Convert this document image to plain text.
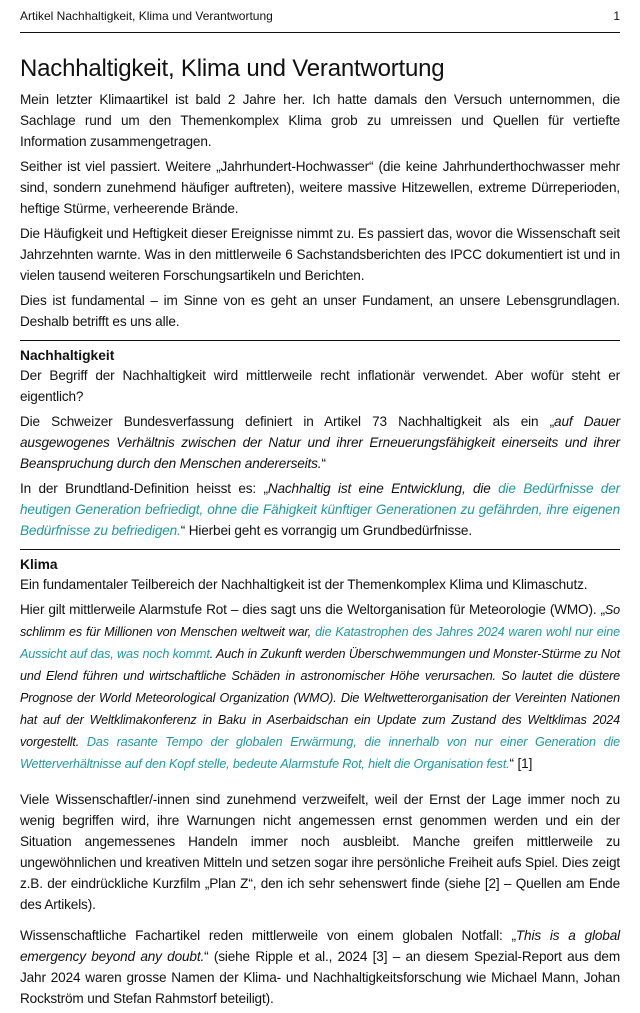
Artikel Nachhaltigkeit, Klima und Verantwortung	1
Nachhaltigkeit, Klima und Verantwortung

Mein letzter Klimaartikel ist bald 2 Jahre her. Ich hatte damals den Versuch unternommen, die Sachlage rund um den Themenkomplex Klima grob zu umreissen und Quellen für vertiefte Information zusammengetragen.

Seither ist viel passiert. Weitere „Jahrhundert-Hochwasser“ (die keine Jahrhunderthochwasser mehr sind, sondern zunehmend häufiger auftreten), weitere massive Hitzewellen, extreme Dürreperioden, heftige Stürme, verheerende Brände.

Die Häufigkeit und Heftigkeit dieser Ereignisse nimmt zu. Es passiert das, wovor die Wissenschaft seit Jahrzehnten warnte. Was in den mittlerweile 6 Sachstandsberichten des IPCC dokumentiert ist und in vielen tausend weiteren Forschungsartikeln und Berichten.

Dies ist fundamental – im Sinne von es geht an unser Fundament, an unsere Lebensgrundlagen. Deshalb betrifft es uns alle.

Nachhaltigkeit

Der Begriff der Nachhaltigkeit wird mittlerweile recht inflationär verwendet. Aber wofür steht er eigentlich?

Die Schweizer Bundesverfassung definiert in Artikel 73 Nachhaltigkeit als ein „auf Dauer ausgewogenes Verhältnis zwischen der Natur und ihrer Erneuerungsfähigkeit einerseits und ihrer Beanspruchung durch den Menschen andererseits.“

In der Brundtland-Definition heisst es: „Nachhaltig ist eine Entwicklung, die die Bedürfnisse der heutigen Generation befriedigt, ohne die Fähigkeit künftiger Generationen zu gefährden, ihre eigenen Bedürfnisse zu befriedigen.“ Hierbei geht es vorrangig um Grundbedürfnisse.

Klima

Ein fundamentaler Teilbereich der Nachhaltigkeit ist der Themenkomplex Klima und Klimaschutz.

Hier gilt mittlerweile Alarmstufe Rot – dies sagt uns die Weltorganisation für Meteorologie (WMO). „So schlimm es für Millionen von Menschen weltweit war, die Katastrophen des Jahres 2024 waren wohl nur eine Aussicht auf das, was noch kommt. Auch in Zukunft werden Überschwemmungen und Monster-Stürme zu Not und Elend führen und wirtschaftliche Schäden in astronomischer Höhe verursachen. So lautet die düstere Prognose der World Meteorological Organization (WMO). Die Weltwetterorganisation der Vereinten Nationen hat auf der Weltklimakonferenz in Baku in Aserbaidschan ein Update zum Zustand des Weltklimas 2024 vorgestellt. Das rasante Tempo der globalen Erwärmung, die innerhalb von nur einer Generation die Wetterverhältnisse auf den Kopf stelle, bedeute Alarmstufe Rot, hielt die Organisation fest.“ [1]

Viele Wissenschaftler/-innen sind zunehmend verzweifelt, weil der Ernst der Lage immer noch zu wenig begriffen wird, ihre Warnungen nicht angemessen ernst genommen werden und ein der Situation angemessenes Handeln immer noch ausbleibt. Manche greifen mittlerweile zu ungewöhnlichen und kreativen Mitteln und setzen sogar ihre persönliche Freiheit aufs Spiel. Dies zeigt z.B. der eindrückliche Kurzfilm „Plan Z“, den ich sehr sehenswert finde (siehe [2] – Quellen am Ende des Artikels).

Wissenschaftliche Fachartikel reden mittlerweile von einem globalen Notfall: „This is a global emergency beyond any doubt.“ (siehe Ripple et al., 2024 [3] – an diesem Spezial-Report aus dem Jahr 2024 waren grosse Namen der Klima- und Nachhaltigkeitsforschung wie Michael Mann, Johan Rockström und Stefan Rahmstorf beteiligt).
